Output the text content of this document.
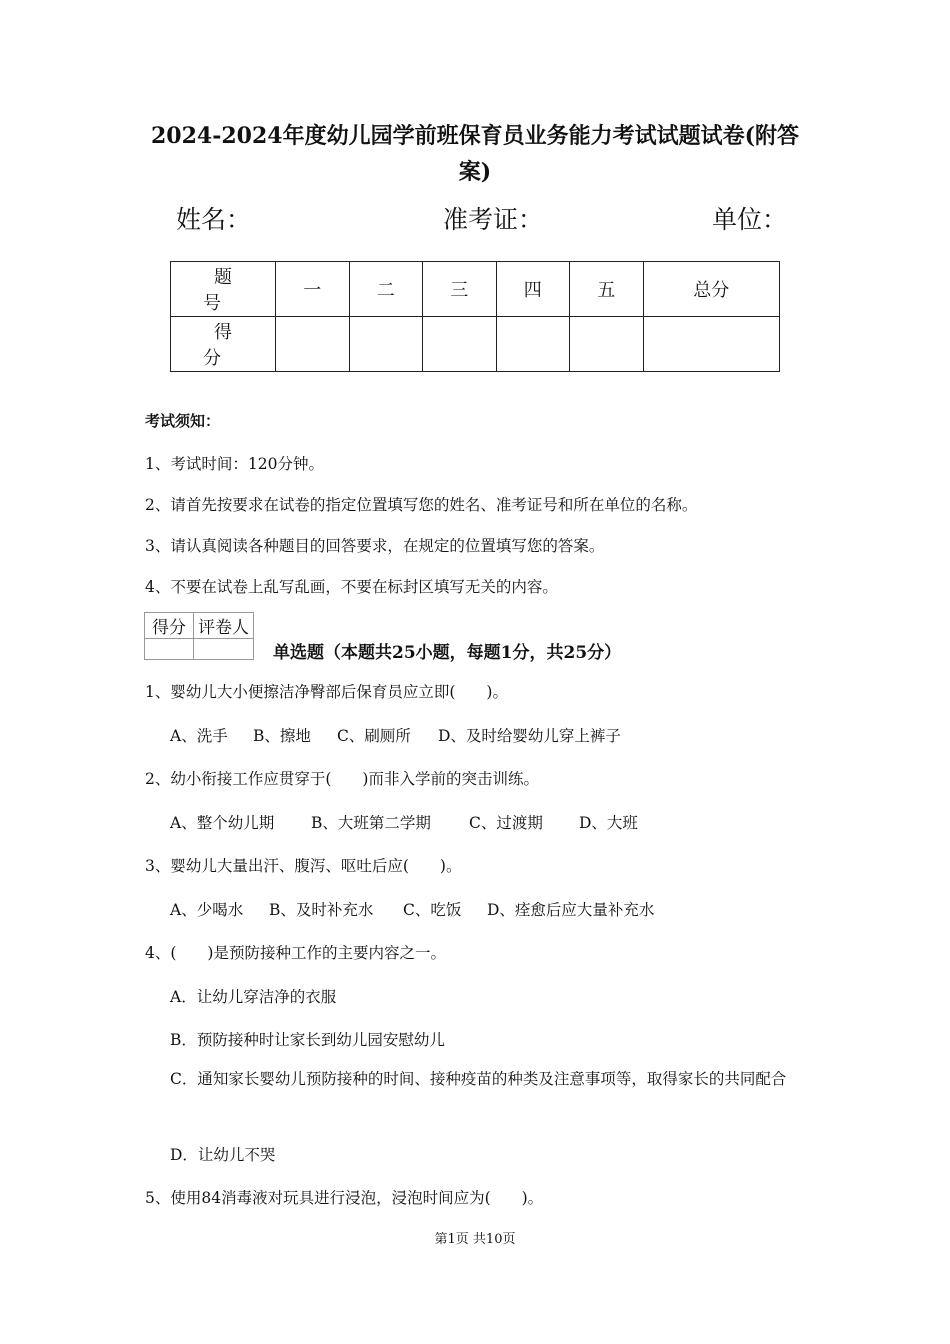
2024-2024年度幼儿园学前班保育员业务能力考试试题试卷(附答案)
姓名：	准考证：	单位：
题　号	一	二	三	四	五	总分
得　分						
考试须知：
1、考试时间：120分钟。
2、请首先按要求在试卷的指定位置填写您的姓名、准考证号和所在单位的名称。
3、请认真阅读各种题目的回答要求，在规定的位置填写您的答案。
4、不要在试卷上乱写乱画，不要在标封区填写无关的内容。
得分	评卷人

单选题（本题共25小题，每题1分，共25分）
1、婴幼儿大小便擦洁净臀部后保育员应立即(　　)。
A、洗手 B、擦地 C、刷厕所 D、及时给婴幼儿穿上裤子
2、幼小衔接工作应贯穿于(　　)而非入学前的突击训练。
A、整个幼儿期 B、大班第二学期 C、过渡期 D、大班
3、婴幼儿大量出汗、腹泻、呕吐后应(　　)。
A、少喝水 B、及时补充水 C、吃饭 D、痊愈后应大量补充水
4、(　　)是预防接种工作的主要内容之一。
A．让幼儿穿洁净的衣服
B．预防接种时让家长到幼儿园安慰幼儿
C．通知家长婴幼儿预防接种的时间、接种疫苗的种类及注意事项等，取得家长的共同配合
D．让幼儿不哭
5、使用84消毒液对玩具进行浸泡，浸泡时间应为(　　)。
第1页 共10页
